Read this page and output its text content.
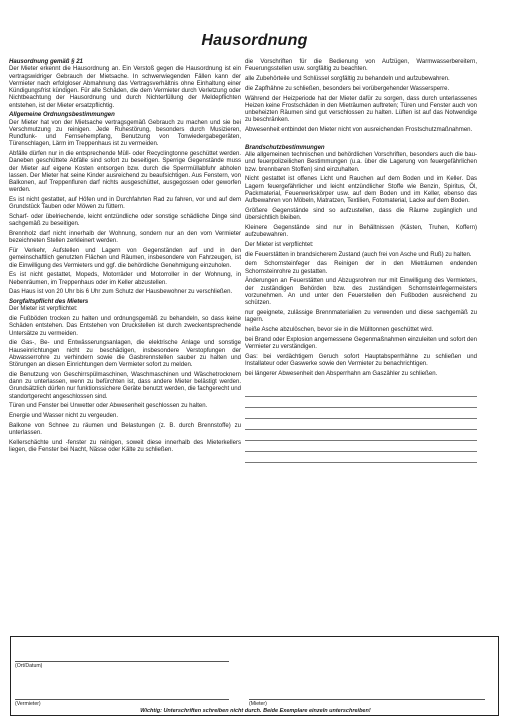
Hausordnung
Hausordnung gemäß § 21
Der Mieter erkennt die Hausordnung an. Ein Verstoß gegen die Hausordnung ist ein vertragswidriger Gebrauch der Mietsache. In schwerwiegenden Fällen kann der Vermieter nach erfolgloser Abmahnung das Vertragsverhältnis ohne Einhaltung einer Kündigungsfrist kündigen. Für alle Schäden, die dem Vermieter durch Verletzung oder Nichtbeachtung der Hausordnung und durch Nichterfüllung der Meldepflichten entstehen, ist der Mieter ersatzpflichtig.
Allgemeine Ordnungsbestimmungen
Der Mieter hat von der Mietsache vertragsgemäß Gebrauch zu machen und sie bei Verschmutzung zu reinigen. Jede Ruhestörung, besonders durch Musizieren, Rundfunk- und Fernsehempfang, Benutzung von Tonwiedergabegeräten, Türenschlagen, Lärm im Treppenhaus ist zu vermeiden.
Abfälle dürfen nur in die entsprechende Müll- oder Recyclingtonne geschüttet werden. Daneben geschüttete Abfälle sind sofort zu beseitigen. Sperrige Gegenstände muss der Mieter auf eigene Kosten entsorgen bzw. durch die Sperrmüllabfuhr abholen lassen. Der Mieter hat seine Kinder ausreichend zu beaufsichtigen. Aus Fenstern, von Balkonen, auf Treppenfluren darf nichts ausgeschüttet, ausgegossen oder geworfen werden.
Es ist nicht gestattet, auf Höfen und in Durchfahrten Rad zu fahren, vor und auf dem Grundstück Tauben oder Möwen zu füttern.
Scharf- oder übelriechende, leicht entzündliche oder sonstige schädliche Dinge sind sachgemäß zu beseitigen.
Brennholz darf nicht innerhalb der Wohnung, sondern nur an den vom Vermieter bezeichneten Stellen zerkleinert werden.
Für Verkehr, Aufstellen und Lagern von Gegenständen auf und in den gemeinschaftlich genutzten Flächen und Räumen, insbesondere von Fahrzeugen, ist die Einwilligung des Vermieters und ggf. die behördliche Genehmigung einzuholen.
Es ist nicht gestattet, Mopeds, Motorräder und Motorroller in der Wohnung, in Nebenräumen, im Treppenhaus oder im Keller abzustellen.
Das Haus ist von 20 Uhr bis 6 Uhr zum Schutz der Hausbewohner zu verschließen.
Sorgfaltspflicht des Mieters
Der Mieter ist verpflichtet:
die Fußböden trocken zu halten und ordnungsgemäß zu behandeln, so dass keine Schäden entstehen. Das Entstehen von Druckstellen ist durch zweckentsprechende Untersätze zu vermeiden.
die Gas-, Be- und Entwässerungsanlagen, die elektrische Anlage und sonstige Hauseinrichtungen nicht zu beschädigen, insbesondere Verstopfungen der Abwasserrohre zu verhindern sowie die Gasbrennstellen sauber zu halten und Störungen an diesen Einrichtungen dem Vermieter sofort zu melden.
die Benutzung von Geschirrspülmaschinen, Waschmaschinen und Wäschetrocknern dann zu unterlassen, wenn zu befürchten ist, dass andere Mieter belästigt werden. Grundsätzlich dürfen nur funktionssichere Geräte benutzt werden, die fachgerecht und standortgerecht angeschlossen sind.
Türen und Fenster bei Unwetter oder Abwesenheit geschlossen zu halten.
Energie und Wasser nicht zu vergeuden.
Balkone von Schnee zu räumen und Belastungen (z. B. durch Brennstoffe) zu unterlassen.
Kellerschächte und -fenster zu reinigen, soweit diese innerhalb des Mieterkellers liegen, die Fenster bei Nacht, Nässe oder Kälte zu schließen.
die Vorschriften für die Bedienung von Aufzügen, Warmwasserbereitern, Feuerungsstellen usw. sorgfältig zu beachten.
alle Zubehörteile und Schlüssel sorgfältig zu behandeln und aufzubewahren.
die Zapfhähne zu schließen, besonders bei vorübergehender Wassersperre.
Während der Heizperiode hat der Mieter dafür zu sorgen, dass durch unterlassenes Heizen keine Frostschäden in den Mieträumen auftreten; Türen und Fenster auch von unbeheizten Räumen sind gut verschlossen zu halten. Lüften ist auf das Notwendige zu beschränken.
Abwesenheit entbindet den Mieter nicht von ausreichenden Frostschutzmaßnahmen.
Brandschutzbestimmungen
Alle allgemeinen technischen und behördlichen Vorschriften, besonders auch die bau- und feuerpolizeilichen Bestimmungen (u.a. über die Lagerung von feuergefährlichen bzw. brennbaren Stoffen) sind einzuhalten.
Nicht gestattet ist offenes Licht und Rauchen auf dem Boden und im Keller. Das Lagern feuergefährlicher und leicht entzündlicher Stoffe wie Benzin, Spiritus, Öl, Packmaterial, Feuerwerkskörper usw. auf dem Boden und im Keller, ebenso das Aufbewahren von Möbeln, Matratzen, Textilien, Fotomaterial, Lacke auf dem Boden.
Größere Gegenstände sind so aufzustellen, dass die Räume zugänglich und übersichtlich bleiben.
Kleinere Gegenstände sind nur in Behältnissen (Kästen, Truhen, Koffern) aufzubewahren.
Der Mieter ist verpflichtet:
die Feuerstätten in brandsicherem Zustand (auch frei von Asche und Ruß) zu halten.
dem Schornsteinfeger das Reinigen der in den Mieträumen endenden Schornsteinrohre zu gestatten.
Änderungen an Feuerstätten und Abzugsrohren nur mit Einwilligung des Vermieters, der zuständigen Behörden bzw. des zuständigen Schornsteinfegermeisters vorzunehmen. An und unter den Feuerstellen den Fußboden ausreichend zu schützen.
nur geeignete, zulässige Brennmaterialien zu verwenden und diese sachgemäß zu lagern.
heiße Asche abzulöschen, bevor sie in die Mülltonnen geschüttet wird.
bei Brand oder Explosion angemessene Gegenmaßnahmen einzuleiten und sofort den Vermieter zu verständigen.
Gas: bei verdächtigem Geruch sofort Hauptabsperrhähne zu schließen und Installateur oder Gaswerke sowie den Vermieter zu benachrichtigen.
bei längerer Abwesenheit den Absperrhahn am Gaszähler zu schließen.
(Ort/Datum)
(Vermieter)	(Mieter)
Wichtig: Unterschriften schreiben nicht durch. Beide Exemplare einzeln unterschreiben!
